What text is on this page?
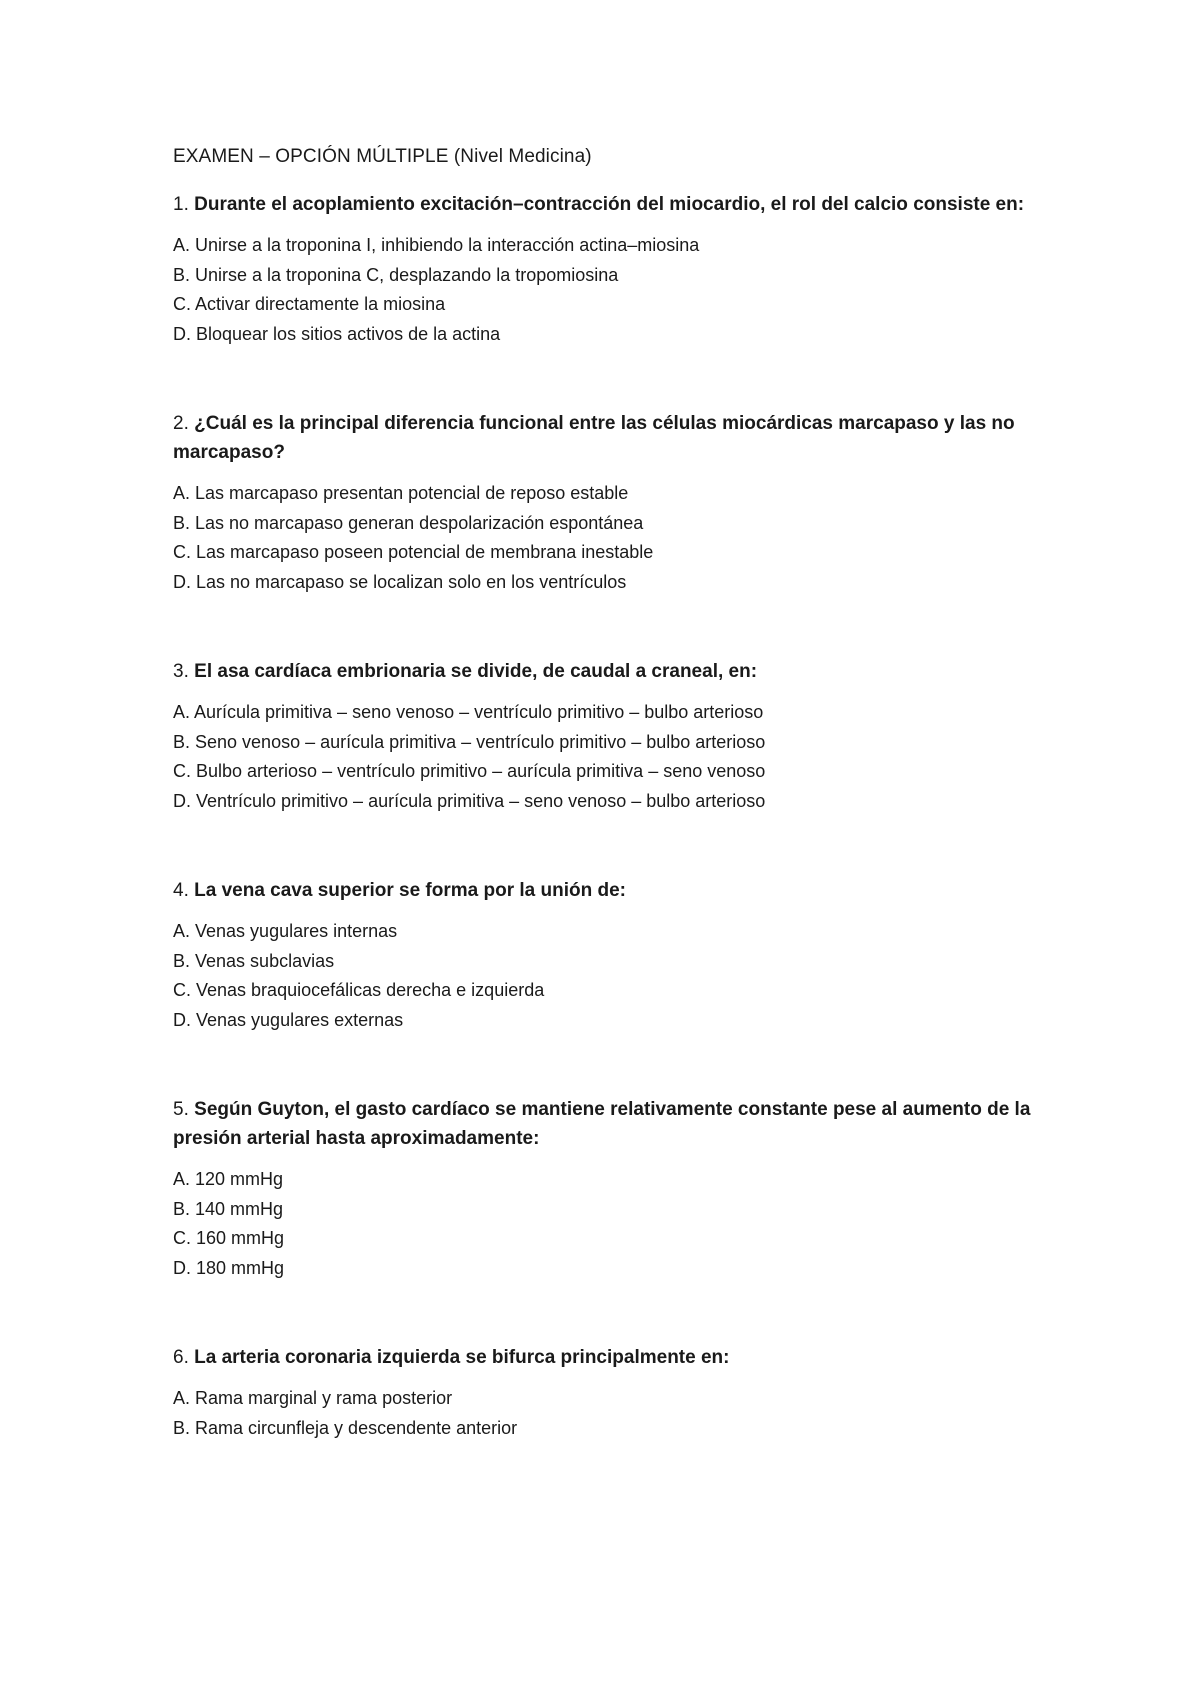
EXAMEN – OPCIÓN MÚLTIPLE (Nivel Medicina)
1. Durante el acoplamiento excitación–contracción del miocardio, el rol del calcio consiste en:
A. Unirse a la troponina I, inhibiendo la interacción actina–miosina
B. Unirse a la troponina C, desplazando la tropomiosina
C. Activar directamente la miosina
D. Bloquear los sitios activos de la actina
2. ¿Cuál es la principal diferencia funcional entre las células miocárdicas marcapaso y las no marcapaso?
A. Las marcapaso presentan potencial de reposo estable
B. Las no marcapaso generan despolarización espontánea
C. Las marcapaso poseen potencial de membrana inestable
D. Las no marcapaso se localizan solo en los ventrículos
3. El asa cardíaca embrionaria se divide, de caudal a craneal, en:
A. Aurícula primitiva – seno venoso – ventrículo primitivo – bulbo arterioso
B. Seno venoso – aurícula primitiva – ventrículo primitivo – bulbo arterioso
C. Bulbo arterioso – ventrículo primitivo – aurícula primitiva – seno venoso
D. Ventrículo primitivo – aurícula primitiva – seno venoso – bulbo arterioso
4. La vena cava superior se forma por la unión de:
A. Venas yugulares internas
B. Venas subclavias
C. Venas braquiocefálicas derecha e izquierda
D. Venas yugulares externas
5. Según Guyton, el gasto cardíaco se mantiene relativamente constante pese al aumento de la presión arterial hasta aproximadamente:
A. 120 mmHg
B. 140 mmHg
C. 160 mmHg
D. 180 mmHg
6. La arteria coronaria izquierda se bifurca principalmente en:
A. Rama marginal y rama posterior
B. Rama circunfleja y descendente anterior
